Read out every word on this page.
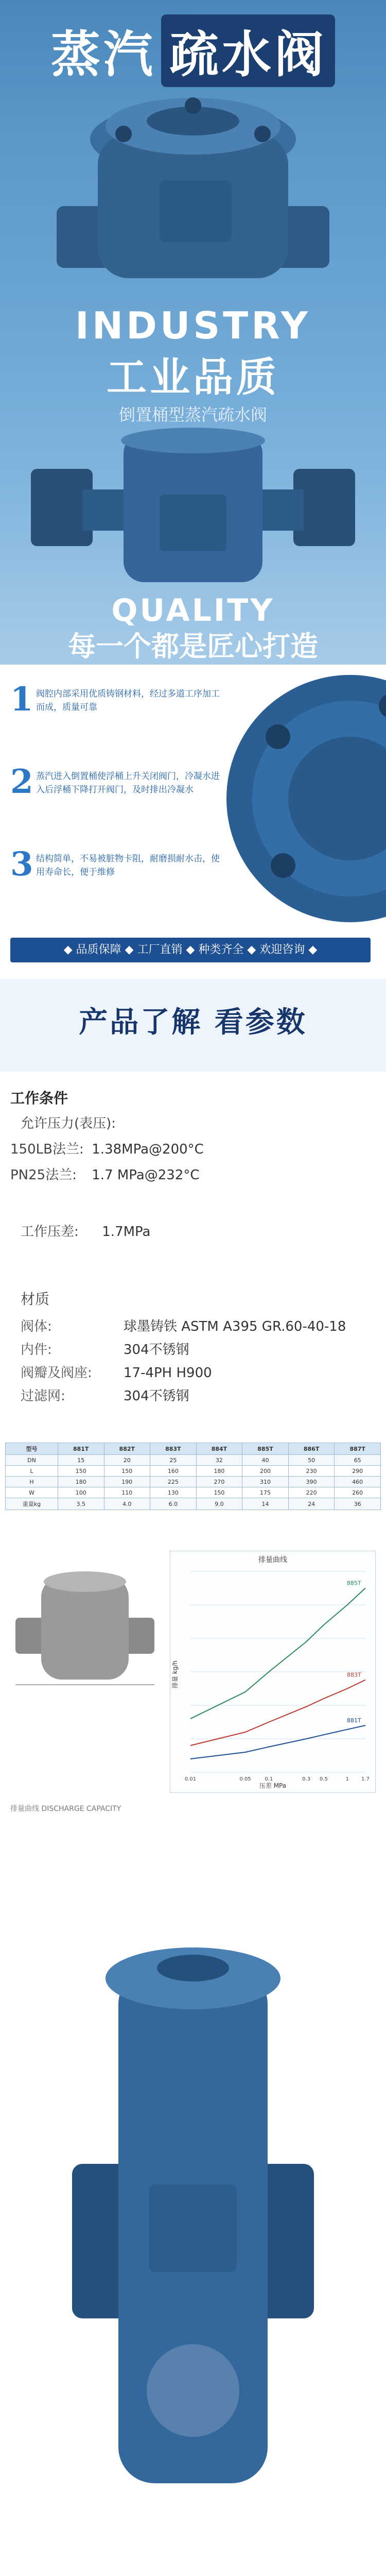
蒸汽 疏水阀
INDUSTRY
工业品质
倒置桶型蒸汽疏水阀
QUALITY
每一个都是匠心打造
1 阀腔内部采用优质铸钢材料，经过多道工序加工而成，质量可靠
2 蒸汽进入倒置桶使浮桶上升关闭阀门，冷凝水进入后浮桶下降打开阀门，及时排出冷凝水
3 结构简单，不易被脏物卡阻，耐磨损耐水击，使用寿命长，便于维修
◆ 品质保障 ◆ 工厂直销 ◆ 种类齐全 ◆ 欢迎咨询 ◆
产品了解 看参数
工作条件
允许压力(表压):
150LB法兰: 1.38MPa@200°C
PN25法兰: 1.7 MPa@232°C
工作压差: 1.7MPa
材质
阀体:	球墨铸铁 ASTM A395 GR.60-40-18
内件:	304不锈钢
阀瓣及阀座: 17-4PH H900
过滤网:	304不锈钢
型号	881T	882T	883T	884T	885T	886T	887T
DN	15	20	25	32	40	50	65
L	150	150	160	180	200	230	290
H	180	190	225	270	310	390	460
W	100	110	130	150	175	220	260
重量kg	3.5	4.0	6.0	9.0	14	24	36
0.01	0.05	0.1	0.3 0.5	1 1.7
881T
883T
885T
排量曲线
压差 MPa
排量 kg/h
排量曲线 DISCHARGE CAPACITY
